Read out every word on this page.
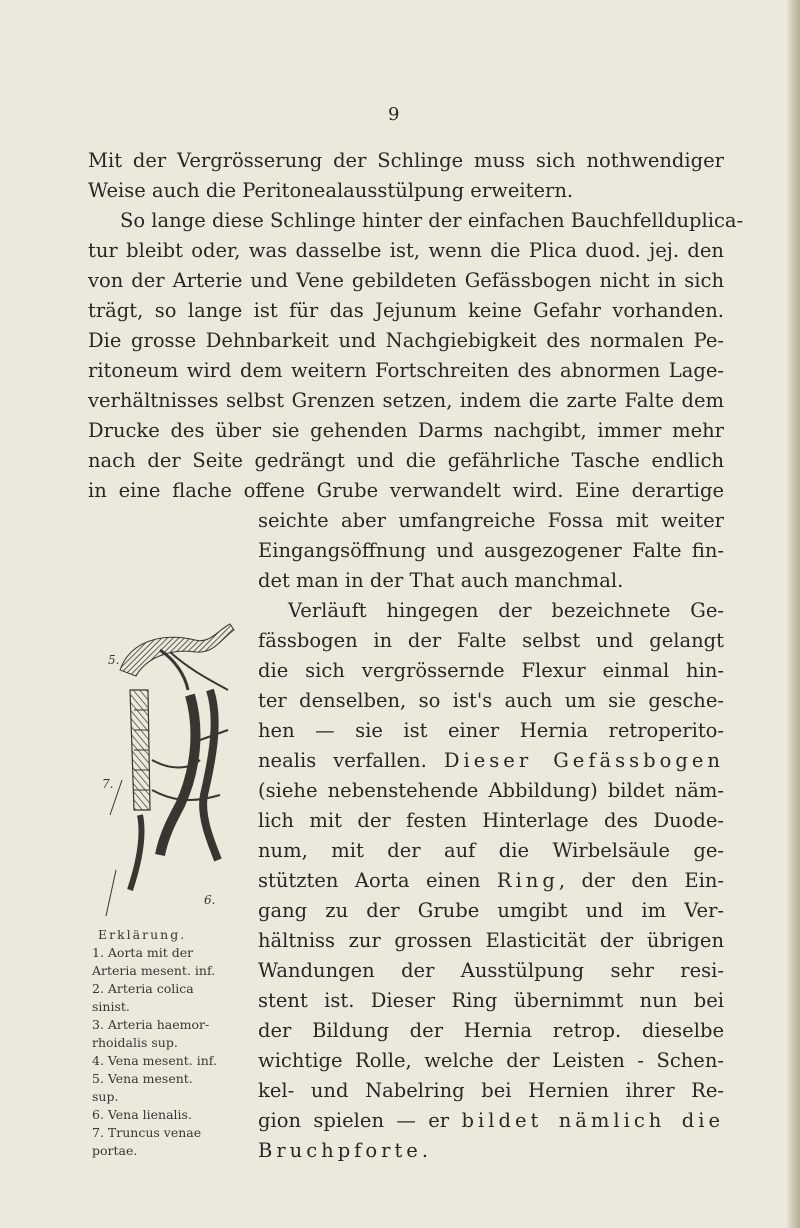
9
Mit der Vergrösserung der Schlinge muss sich nothwendiger
Weise auch die Peritonealausstülpung erweitern.
So lange diese Schlinge hinter der einfachen Bauchfellduplica-
tur bleibt oder, was dasselbe ist, wenn die Plica duod. jej. den
von der Arterie und Vene gebildeten Gefässbogen nicht in sich
trägt, so lange ist für das Jejunum keine Gefahr vorhanden.
Die grosse Dehnbarkeit und Nachgiebigkeit des normalen Pe-
ritoneum wird dem weitern Fortschreiten des abnormen Lage-
verhältnisses selbst Grenzen setzen, indem die zarte Falte dem
Drucke des über sie gehenden Darms nachgibt, immer mehr
nach der Seite gedrängt und die gefährliche Tasche endlich
in eine flache offene Grube verwandelt wird. Eine derartige
seichte aber umfangreiche Fossa mit weiter
Eingangsöffnung und ausgezogener Falte fin-
det man in der That auch manchmal.
Verläuft hingegen der bezeichnete Ge-
fässbogen in der Falte selbst und gelangt
die sich vergrössernde Flexur einmal hin-
ter denselben, so ist's auch um sie gesche-
hen — sie ist einer Hernia retroperito-
nealis verfallen. Dieser Gefässbogen
(siehe nebenstehende Abbildung) bildet näm-
lich mit der festen Hinterlage des Duode-
num, mit der auf die Wirbelsäule ge-
stützten Aorta einen Ring, der den Ein-
gang zu der Grube umgibt und im Ver-
hältniss zur grossen Elasticität der übrigen
Wandungen der Ausstülpung sehr resi-
stent ist. Dieser Ring übernimmt nun bei
der Bildung der Hernia retrop. dieselbe
wichtige Rolle, welche der Leisten - Schen-
kel- und Nabelring bei Hernien ihrer Re-
gion spielen — er bildet nämlich die
Bruchpforte.
5.
7.
6.
Erklärung.
1. Aorta mit der
Arteria mesent. inf.
2. Arteria colica
sinist.
3. Arteria haemor-
rhoidalis sup.
4. Vena mesent. inf.
5. Vena mesent.
sup.
6. Vena lienalis.
7. Truncus venae
portae.
